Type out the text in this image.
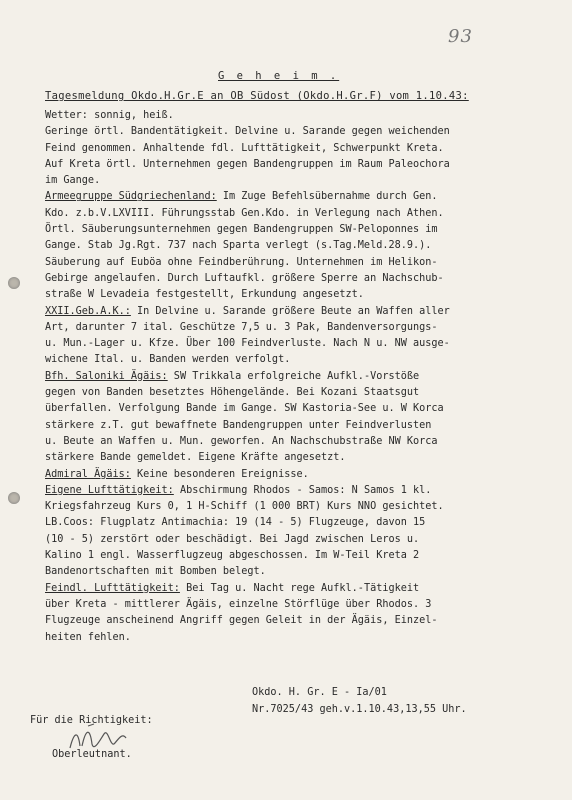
93
G e h e i m .
Tagesmeldung Okdo.H.Gr.E an OB Südost (Okdo.H.Gr.F) vom 1.10.43:
Wetter: sonnig, heiß.
Geringe örtl. Bandentätigkeit. Delvine u. Sarande gegen weichenden
Feind genommen. Anhaltende fdl. Lufttätigkeit, Schwerpunkt Kreta.
Auf Kreta örtl. Unternehmen gegen Bandengruppen im Raum Paleochora
im Gange.
Armeegruppe Südgriechenland: Im Zuge Befehlsübernahme durch Gen.
Kdo. z.b.V.LXVIII. Führungsstab Gen.Kdo. in Verlegung nach Athen.
Örtl. Säuberungsunternehmen gegen Bandengruppen SW-Peloponnes im
Gange. Stab Jg.Rgt. 737 nach Sparta verlegt (s.Tag.Meld.28.9.).
Säuberung auf Euböa ohne Feindberührung. Unternehmen im Helikon-
Gebirge angelaufen. Durch Luftaufkl. größere Sperre an Nachschub-
straße W Levadeia festgestellt, Erkundung angesetzt.
XXII.Geb.A.K.: In Delvine u. Sarande größere Beute an Waffen aller
Art, darunter 7 ital. Geschütze 7,5 u. 3 Pak, Bandenversorgungs-
u. Mun.-Lager u. Kfze. Über 100 Feindverluste. Nach N u. NW ausge-
wichene Ital. u. Banden werden verfolgt.
Bfh. Saloniki Ägäis: SW Trikkala erfolgreiche Aufkl.-Vorstöße
gegen von Banden besetztes Höhengelände. Bei Kozani Staatsgut
überfallen. Verfolgung Bande im Gange. SW Kastoria-See u. W Korca
stärkere z.T. gut bewaffnete Bandengruppen unter Feindverlusten
u. Beute an Waffen u. Mun. geworfen. An Nachschubstraße NW Korca
stärkere Bande gemeldet. Eigene Kräfte angesetzt.
Admiral Ägäis: Keine besonderen Ereignisse.
Eigene Lufttätigkeit: Abschirmung Rhodos - Samos: N Samos 1 kl.
Kriegsfahrzeug Kurs 0, 1 H-Schiff (1 000 BRT) Kurs NNO gesichtet.
LB.Coos: Flugplatz Antimachia: 19 (14 - 5) Flugzeuge, davon 15
(10 - 5) zerstört oder beschädigt. Bei Jagd zwischen Leros u.
Kalino 1 engl. Wasserflugzeug abgeschossen. Im W-Teil Kreta 2
Bandenortschaften mit Bomben belegt.
Feindl. Lufttätigkeit: Bei Tag u. Nacht rege Aufkl.-Tätigkeit
über Kreta - mittlerer Ägäis, einzelne Störflüge über Rhodos. 3
Flugzeuge anscheinend Angriff gegen Geleit in der Ägäis, Einzel-
heiten fehlen.
Okdo. H. Gr. E - Ia/01
Nr.7025/43 geh.v.1.10.43,13,55 Uhr.
Für die Richtigkeit:
Oberleutnant.
